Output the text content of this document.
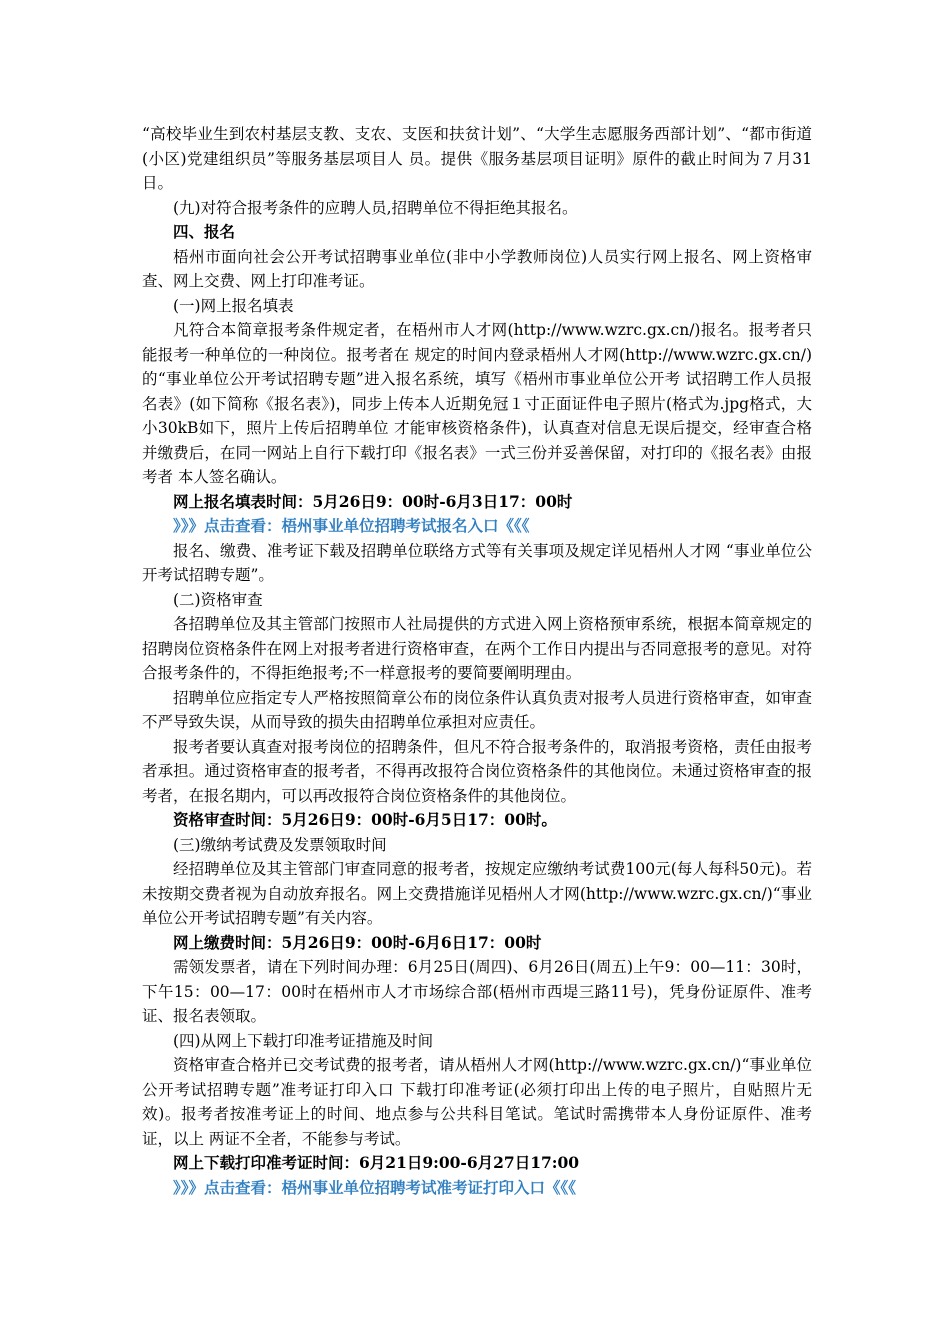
“高校毕业生到农村基层支教、支农、支医和扶贫计划”、“大学生志愿服务西部计划”、“都市街道(小区)党建组织员”等服务基层项目人 员。提供《服务基层项目证明》原件的截止时间为７月31日。

(九)对符合报考条件的应聘人员,招聘单位不得拒绝其报名。

四、报名

梧州市面向社会公开考试招聘事业单位(非中小学教师岗位)人员实行网上报名、网上资格审查、网上交费、网上打印准考证。

(一)网上报名填表

凡符合本简章报考条件规定者，在梧州市人才网(http://www.wzrc.gx.cn/)报名。报考者只能报考一种单位的一种岗位。报考者在 规定的时间内登录梧州人才网(http://www.wzrc.gx.cn/)的“事业单位公开考试招聘专题”进入报名系统，填写《梧州市事业单位公开考 试招聘工作人员报名表》(如下简称《报名表》)，同步上传本人近期免冠１寸正面证件电子照片(格式为.jpg格式，大小30kB如下，照片上传后招聘单位 才能审核资格条件)，认真查对信息无误后提交，经审查合格并缴费后，在同一网站上自行下载打印《报名表》一式三份并妥善保留，对打印的《报名表》由报考者 本人签名确认。

网上报名填表时间：5月26日9：00时-6月3日17：00时

》》》点击查看：梧州事业单位招聘考试报名入口《《《

报名、缴费、准考证下载及招聘单位联络方式等有关事项及规定详见梧州人才网 “事业单位公开考试招聘专题”。

(二)资格审查

各招聘单位及其主管部门按照市人社局提供的方式进入网上资格预审系统，根据本简章规定的招聘岗位资格条件在网上对报考者进行资格审查，在两个工作日内提出与否同意报考的意见。对符合报考条件的，不得拒绝报考;不一样意报考的要简要阐明理由。

招聘单位应指定专人严格按照简章公布的岗位条件认真负责对报考人员进行资格审查，如审查不严导致失误，从而导致的损失由招聘单位承担对应责任。

报考者要认真查对报考岗位的招聘条件，但凡不符合报考条件的，取消报考资格，责任由报考者承担。通过资格审查的报考者，不得再改报符合岗位资格条件的其他岗位。未通过资格审查的报考者，在报名期内，可以再改报符合岗位资格条件的其他岗位。

资格审查时间：5月26日9：00时-6月5日17：00时。

(三)缴纳考试费及发票领取时间

经招聘单位及其主管部门审查同意的报考者，按规定应缴纳考试费100元(每人每科50元)。若未按期交费者视为自动放弃报名。网上交费措施详见梧州人才网(http://www.wzrc.gx.cn/)“事业单位公开考试招聘专题”有关内容。

网上缴费时间：5月26日9：00时-6月6日17：00时

需领发票者，请在下列时间办理：6月25日(周四)、6月26日(周五)上午9：00—11：30时，下午15：00—17：00时在梧州市人才市场综合部(梧州市西堤三路11号)，凭身份证原件、准考证、报名表领取。

(四)从网上下载打印准考证措施及时间

资格审查合格并已交考试费的报考者，请从梧州人才网(http://www.wzrc.gx.cn/)“事业单位公开考试招聘专题”准考证打印入口 下载打印准考证(必须打印出上传的电子照片，自贴照片无效)。报考者按准考证上的时间、地点参与公共科目笔试。笔试时需携带本人身份证原件、准考证，以上 两证不全者，不能参与考试。

网上下载打印准考证时间：6月21日9:00-6月27日17:00

》》》点击查看：梧州事业单位招聘考试准考证打印入口《《《
